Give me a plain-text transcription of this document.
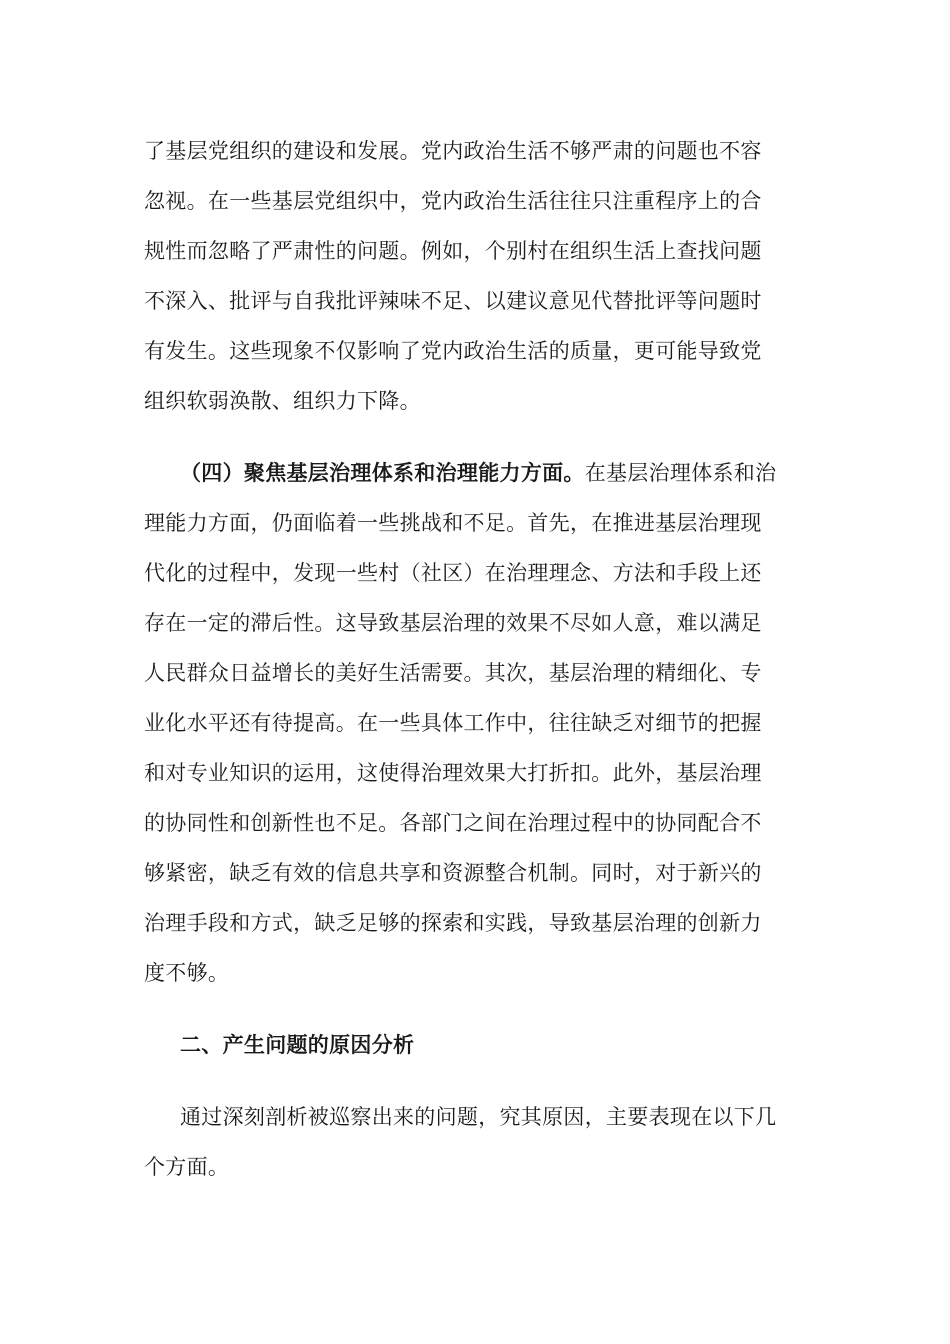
了基层党组织的建设和发展。党内政治生活不够严肃的问题也不容
忽视。在一些基层党组织中，党内政治生活往往只注重程序上的合
规性而忽略了严肃性的问题。例如，个别村在组织生活上查找问题
不深入、批评与自我批评辣味不足、以建议意见代替批评等问题时
有发生。这些现象不仅影响了党内政治生活的质量，更可能导致党
组织软弱涣散、组织力下降。
（四）聚焦基层治理体系和治理能力方面。在基层治理体系和治
理能力方面，仍面临着一些挑战和不足。首先，在推进基层治理现
代化的过程中，发现一些村（社区）在治理理念、方法和手段上还
存在一定的滞后性。这导致基层治理的效果不尽如人意，难以满足
人民群众日益增长的美好生活需要。其次，基层治理的精细化、专
业化水平还有待提高。在一些具体工作中，往往缺乏对细节的把握
和对专业知识的运用，这使得治理效果大打折扣。此外，基层治理
的协同性和创新性也不足。各部门之间在治理过程中的协同配合不
够紧密，缺乏有效的信息共享和资源整合机制。同时，对于新兴的
治理手段和方式，缺乏足够的探索和实践，导致基层治理的创新力
度不够。
二、产生问题的原因分析
通过深刻剖析被巡察出来的问题，究其原因，主要表现在以下几
个方面。
